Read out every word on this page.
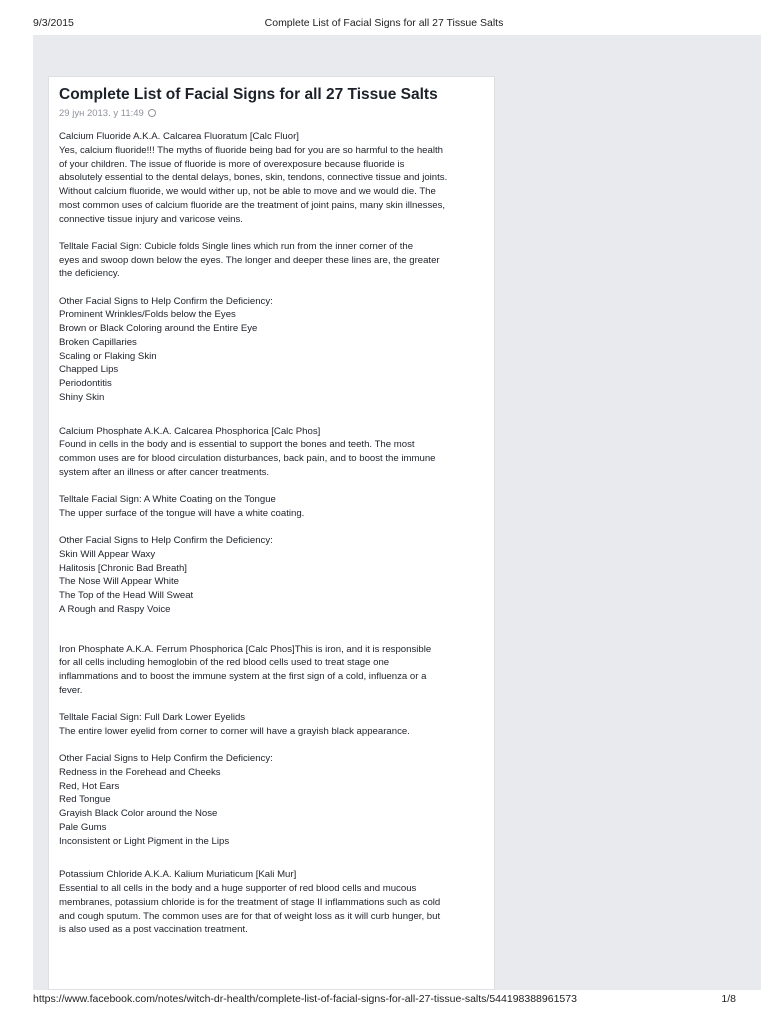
9/3/2015	Complete List of Facial Signs for all 27 Tissue Salts
Complete List of Facial Signs for all 27 Tissue Salts
29 jун 2013. у 11:49
Calcium Fluoride A.K.A. Calcarea Fluoratum [Calc Fluor]
Yes, calcium fluoride!!! The myths of fluoride being bad for you are so harmful to the health
of your children. The issue of fluoride is more of overexposure because fluoride is
absolutely essential to the dental delays, bones, skin, tendons, connective tissue and joints.
Without calcium fluoride, we would wither up, not be able to move and we would die. The
most common uses of calcium fluoride are the treatment of joint pains, many skin illnesses,
connective tissue injury and varicose veins.
Telltale Facial Sign: Cubicle folds Single lines which run from the inner corner of the
eyes and swoop down below the eyes. The longer and deeper these lines are, the greater
the deficiency.
Other Facial Signs to Help Confirm the Deficiency:
Prominent Wrinkles/Folds below the Eyes
Brown or Black Coloring around the Entire Eye
Broken Capillaries
Scaling or Flaking Skin
Chapped Lips
Periodontitis
Shiny Skin
Calcium Phosphate A.K.A. Calcarea Phosphorica [Calc Phos]
Found in cells in the body and is essential to support the bones and teeth. The most
common uses are for blood circulation disturbances, back pain, and to boost the immune
system after an illness or after cancer treatments.
Telltale Facial Sign: A White Coating on the Tongue
The upper surface of the tongue will have a white coating.
Other Facial Signs to Help Confirm the Deficiency:
Skin Will Appear Waxy
Halitosis [Chronic Bad Breath]
The Nose Will Appear White
The Top of the Head Will Sweat
A Rough and Raspy Voice
Iron Phosphate A.K.A. Ferrum Phosphorica [Calc Phos]This is iron, and it is responsible
for all cells including hemoglobin of the red blood cells used to treat stage one
inflammations and to boost the immune system at the first sign of a cold, influenza or a
fever.
Telltale Facial Sign: Full Dark Lower Eyelids
The entire lower eyelid from corner to corner will have a grayish black appearance.
Other Facial Signs to Help Confirm the Deficiency:
Redness in the Forehead and Cheeks
Red, Hot Ears
Red Tongue
Grayish Black Color around the Nose
Pale Gums
Inconsistent or Light Pigment in the Lips
Potassium Chloride A.K.A. Kalium Muriaticum [Kali Mur]
Essential to all cells in the body and a huge supporter of red blood cells and mucous
membranes, potassium chloride is for the treatment of stage II inflammations such as cold
and cough sputum. The common uses are for that of weight loss as it will curb hunger, but
is also used as a post vaccination treatment.
https://www.facebook.com/notes/witch-dr-health/complete-list-of-facial-signs-for-all-27-tissue-salts/544198388961573	1/8
